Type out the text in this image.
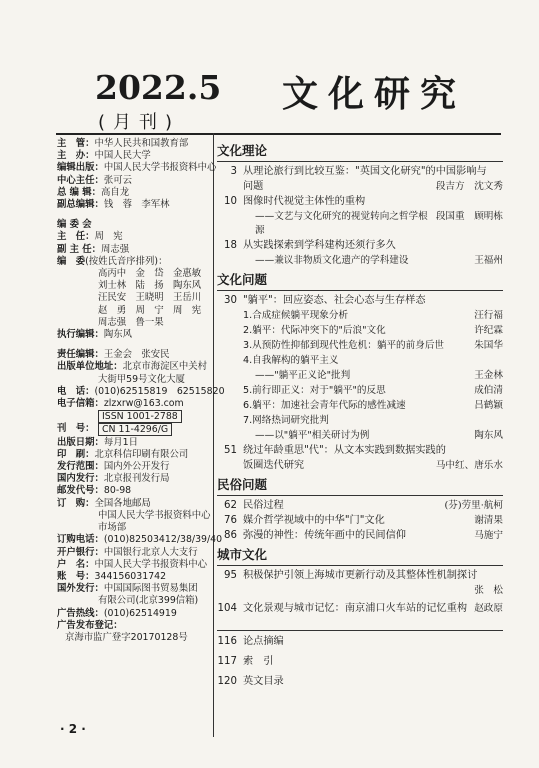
2022.5
(月刊)
文化研究
主　管： 中华人民共和国教育部
主　办： 中国人民大学
编辑出版： 中国人民大学书报资料中心
中心主任： 张可云
总 编 辑： 高自龙
副总编辑： 钱　蓉　李军林
编 委 会
主　任： 周　宪
副 主 任： 周志强
编　委 (按姓氏音序排列)：
高丙中　金　岱　金惠敏
刘士林　陆　扬　陶东风
汪民安　王晓明　王岳川
赵　勇　周　宁　周　宪
周志强　鲁一果
执行编辑： 陶东风
责任编辑： 王金会　张安民
出版单位地址： 北京市海淀区中关村
大街甲59号文化大厦
电　话： (010)62515819　62515820
电子信箱： zlzxrw@163.com
ISSN 1001-2788
刊　号： CN 11-4296/G
出版日期： 每月1日
印　刷： 北京科信印刷有限公司
发行范围： 国内外公开发行
国内发行： 北京报刊发行局
邮发代号： 80-98
订　购： 全国各地邮局
中国人民大学书报资料中心
市场部
订购电话： (010)82503412/38/39/40
开户银行： 中国银行北京人大支行
户　名： 中国人民大学书报资料中心
账　号： 344156031742
国外发行： 中国国际图书贸易集团
有限公司(北京399信箱)
广告热线： (010)62514919
广告发布登记：
京海市监广登字20170128号
· 2 ·
文化理论
3 从理论旅行到比较互鉴："英国文化研究"的中国影响与
问题	段吉方　沈文秀
10 图像时代视觉主体性的重构
——文艺与文化研究的视觉转向之哲学根源
段国重　顾明栋
18 从实践探索到学科建构还须行多久
——兼议非物质文化遗产的学科建设	王福州
文化问题
30 "躺平"：回应姿态、社会心态与生存样态
1.合成症候躺平现象分析	汪行福
2.躺平：代际冲突下的"后浪"文化	许纪霖
3.从预防性抑郁到现代性危机：躺平的前身后世	朱国华
4.自我解构的躺平主义
——"躺平正义论"批判	王金林
5.前行即正义：对于"躺平"的反思	成伯清
6.躺平：加速社会青年代际的感性减速	吕鹤颖
7.网络热词研究批判
——以"躺平"相关研讨为例	陶东风
51 绕过年龄重思"代"：从文本实践到数据实践的
饭圈迭代研究	马中红、唐乐水
民俗问题
62 民俗过程	(芬)劳里·航柯
76 媒介哲学视域中的中华"门"文化	谢清果
86 弥漫的神性：传统年画中的民间信仰	马施宁
城市文化
95 积极保护引领上海城市更新行动及其整体性机制探讨
张　松
104 文化景观与城市记忆：南京浦口火车站的记忆重构 赵政原
116 论点摘编
117 索　引
120 英文目录
